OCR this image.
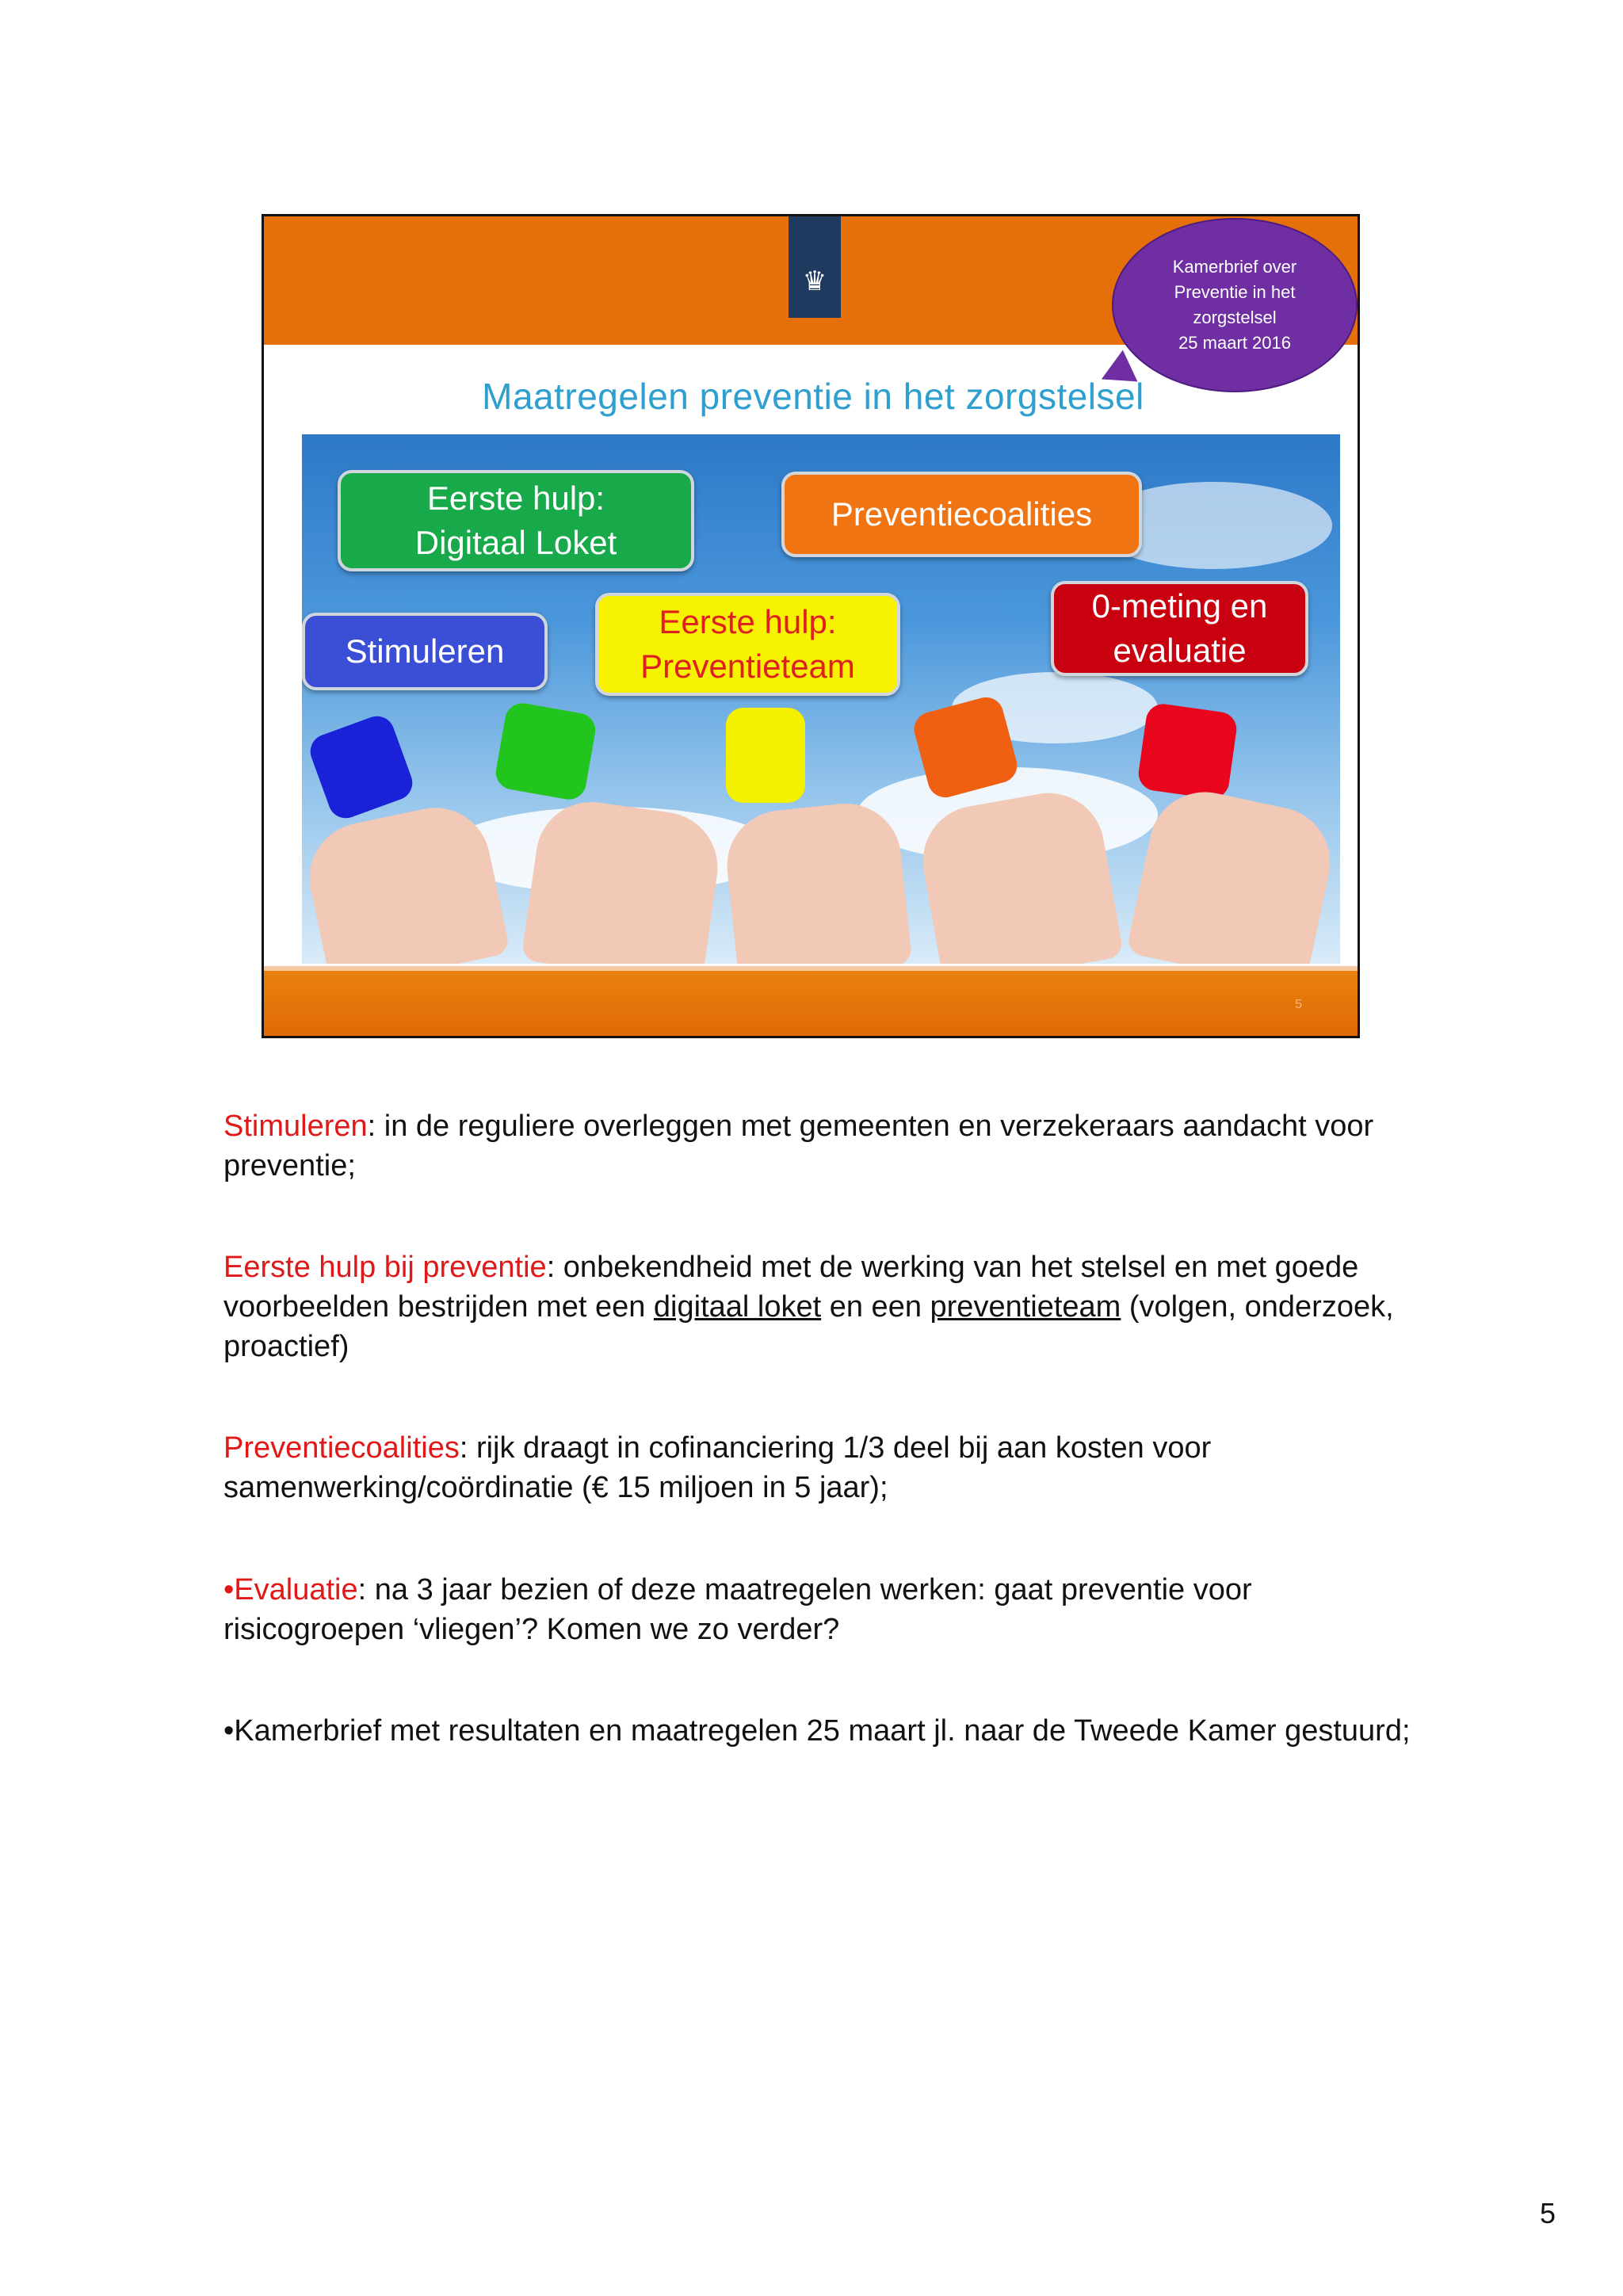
♛	Kamerbrief over
Preventie in het
zorgstelsel
25 maart 2016
Maatregelen preventie in het zorgstelsel
Eerste hulp:
Digitaal Loket
Preventiecoalities
Stimuleren
Eerste hulp:
Preventieteam
0-meting en
evaluatie
5
Stimuleren: in de reguliere overleggen met gemeenten en verzekeraars aandacht voor preventie;
Eerste hulp bij preventie: onbekendheid met de werking van het stelsel en met goede voorbeelden bestrijden met een digitaal loket en een preventieteam (volgen, onderzoek, proactief)
Preventiecoalities: rijk draagt in cofinanciering 1/3 deel bij aan kosten voor samenwerking/coördinatie (€ 15 miljoen in 5 jaar);
•Evaluatie: na 3 jaar bezien of deze maatregelen werken: gaat preventie voor risicogroepen ‘vliegen’? Komen we zo verder?
•Kamerbrief met resultaten en maatregelen 25 maart jl. naar de Tweede Kamer gestuurd;
5
